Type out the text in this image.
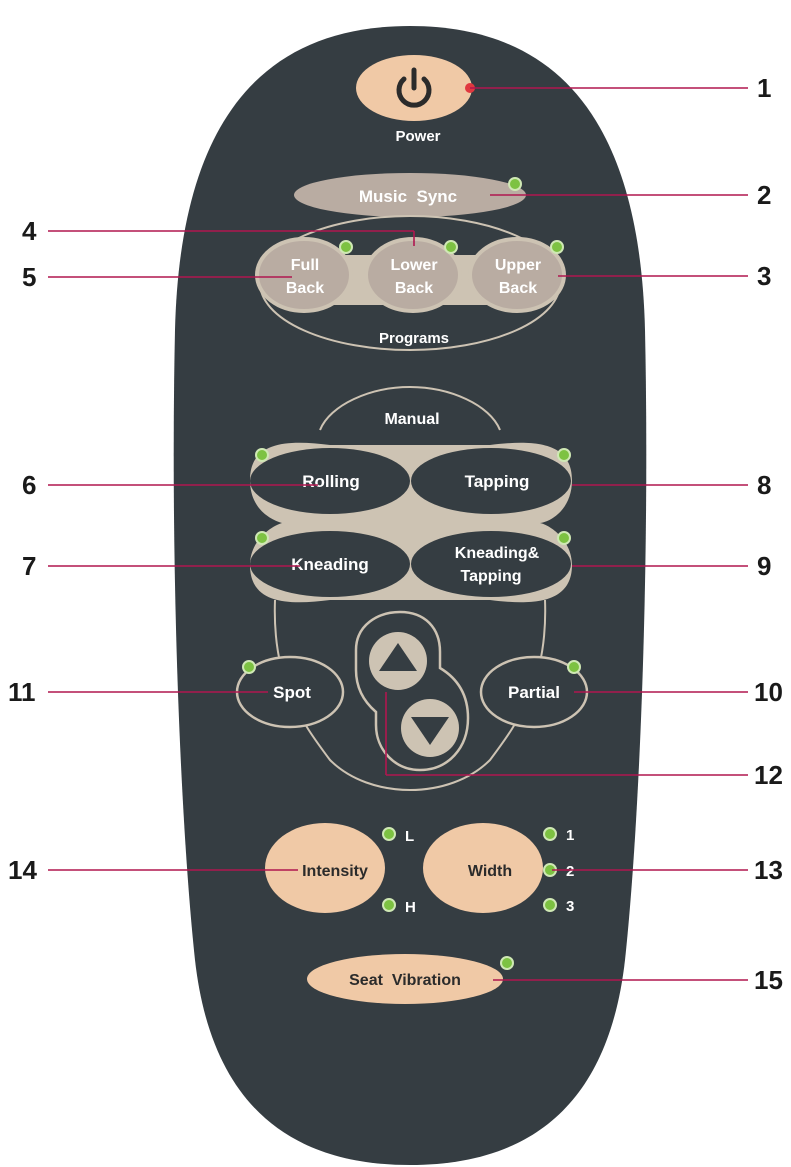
Power
Music  Sync
Full
Back
Lower
Back
Upper
Back
Programs
Manual
Rolling	Tapping
Kneading
Kneading&
Tapping
Spot	Partial
Intensity
L
H
Width
1
2
3
Seat  Vibration
1
2
3
4
5
6
7
8
9
10
11
12
13
14
15
